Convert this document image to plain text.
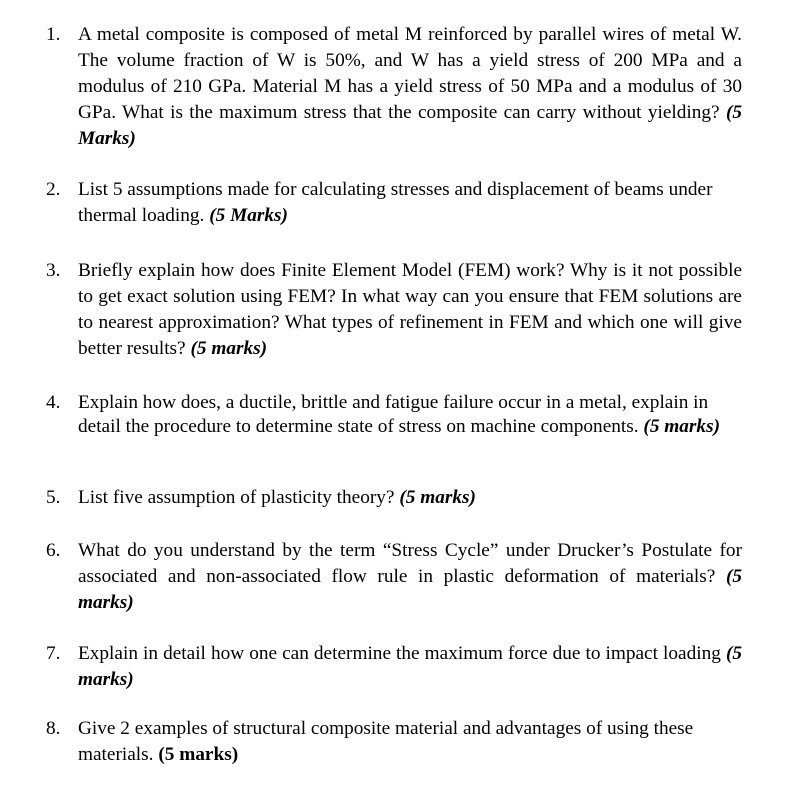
1. A metal composite is composed of metal M reinforced by parallel wires of metal W. The volume fraction of W is 50%, and W has a yield stress of 200 MPa and a modulus of 210 GPa. Material M has a yield stress of 50 MPa and a modulus of 30 GPa. What is the maximum stress that the composite can carry without yielding? (5 Marks)
2. List 5 assumptions made for calculating stresses and displacement of beams under thermal loading. (5 Marks)
3. Briefly explain how does Finite Element Model (FEM) work? Why is it not possible to get exact solution using FEM? In what way can you ensure that FEM solutions are to nearest approximation? What types of refinement in FEM and which one will give better results? (5 marks)
4. Explain how does, a ductile, brittle and fatigue failure occur in a metal, explain in detail the procedure to determine state of stress on machine components. (5 marks)
5. List five assumption of plasticity theory? (5 marks)
6. What do you understand by the term “Stress Cycle” under Drucker’s Postulate for associated and non-associated flow rule in plastic deformation of materials? (5 marks)
7. Explain in detail how one can determine the maximum force due to impact loading (5 marks)
8. Give 2 examples of structural composite material and advantages of using these materials. (5 marks)
